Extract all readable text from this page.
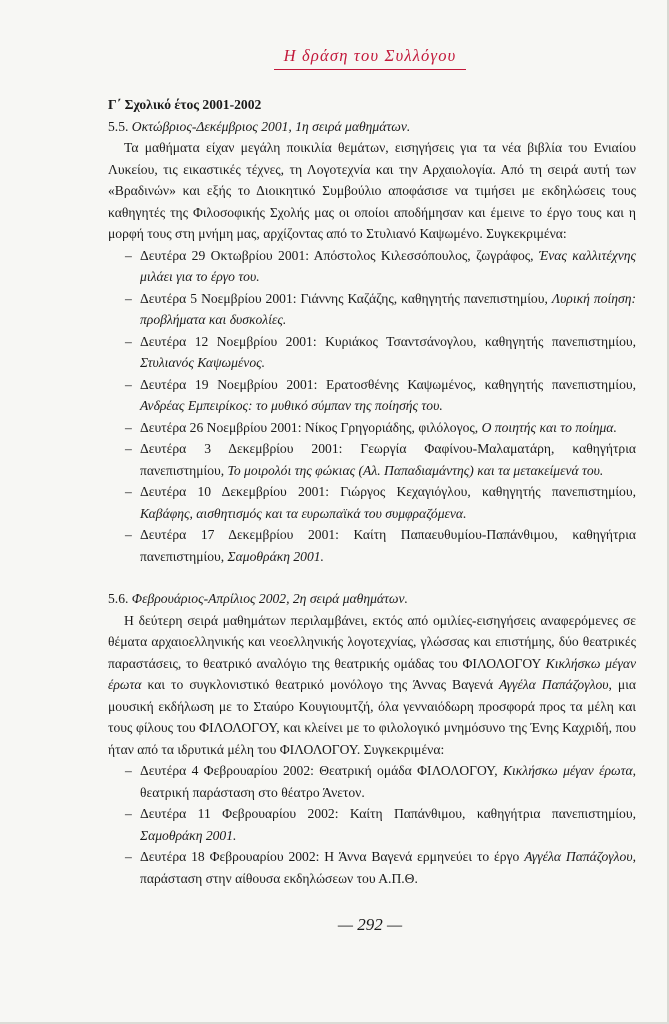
Η δράση του Συλλόγου

Γ΄ Σχολικό έτος 2001-2002

5.5. Οκτώβριος-Δεκέμβριος 2001, 1η σειρά μαθημάτων.

Τα μαθήματα είχαν μεγάλη ποικιλία θεμάτων, εισηγήσεις για τα νέα βιβλία του Ενιαίου Λυκείου, τις εικαστικές τέχνες, τη Λογοτεχνία και την Αρχαιολογία. Από τη σειρά αυτή των «Βραδινών» και εξής το Διοικητικό Συμβούλιο αποφάσισε να τιμήσει με εκδηλώσεις τους καθηγητές της Φιλοσοφικής Σχολής μας οι οποίοι αποδήμησαν και έμεινε το έργο τους και η μορφή τους στη μνήμη μας, αρχίζοντας από το Στυλιανό Καψωμένο. Συγκεκριμένα:

– Δευτέρα 29 Οκτωβρίου 2001: Απόστολος Κιλεσσόπουλος, ζωγράφος, Ένας καλλιτέχνης μιλάει για το έργο του.
– Δευτέρα 5 Νοεμβρίου 2001: Γιάννης Καζάζης, καθηγητής πανεπιστημίου, Λυρική ποίηση: προβλήματα και δυσκολίες.
– Δευτέρα 12 Νοεμβρίου 2001: Κυριάκος Τσαντσάνογλου, καθηγητής πανεπιστημίου, Στυλιανός Καψωμένος.
– Δευτέρα 19 Νοεμβρίου 2001: Ερατοσθένης Καψωμένος, καθηγητής πανεπιστημίου, Ανδρέας Εμπειρίκος: το μυθικό σύμπαν της ποίησής του.
– Δευτέρα 26 Νοεμβρίου 2001: Νίκος Γρηγοριάδης, φιλόλογος, Ο ποιητής και το ποίημα.
– Δευτέρα 3 Δεκεμβρίου 2001: Γεωργία Φαφίνου-Μαλαματάρη, καθηγήτρια πανεπιστημίου, Το μοιρολόι της φώκιας (Αλ. Παπαδιαμάντης) και τα μετακείμενά του.
– Δευτέρα 10 Δεκεμβρίου 2001: Γιώργος Κεχαγιόγλου, καθηγητής πανεπιστημίου, Καβάφης, αισθητισμός και τα ευρωπαϊκά του συμφραζόμενα.
– Δευτέρα 17 Δεκεμβρίου 2001: Καίτη Παπαευθυμίου-Παπάνθιμου, καθηγήτρια πανεπιστημίου, Σαμοθράκη 2001.

5.6. Φεβρουάριος-Απρίλιος 2002, 2η σειρά μαθημάτων.

Η δεύτερη σειρά μαθημάτων περιλαμβάνει, εκτός από ομιλίες-εισηγήσεις αναφερόμενες σε θέματα αρχαιοελληνικής και νεοελληνικής λογοτεχνίας, γλώσσας και επιστήμης, δύο θεατρικές παραστάσεις, το θεατρικό αναλόγιο της θεατρικής ομάδας του ΦΙΛΟΛΟΓΟΥ Κικλήσκω μέγαν έρωτα και το συγκλονιστικό θεατρικό μονόλογο της Άννας Βαγενά Αγγέλα Παπάζογλου, μια μουσική εκδήλωση με το Σταύρο Κουγιουμτζή, όλα γενναιόδωρη προσφορά προς τα μέλη και τους φίλους του ΦΙΛΟΛΟΓΟΥ, και κλείνει με το φιλολογικό μνημόσυνο της Ένης Καχριδή, που ήταν από τα ιδρυτικά μέλη του ΦΙΛΟΛΟΓΟΥ. Συγκεκριμένα:

– Δευτέρα 4 Φεβρουαρίου 2002: Θεατρική ομάδα ΦΙΛΟΛΟΓΟΥ, Κικλήσκω μέγαν έρωτα, θεατρική παράσταση στο θέατρο Άνετον.
– Δευτέρα 11 Φεβρουαρίου 2002: Καίτη Παπάνθιμου, καθηγήτρια πανεπιστημίου, Σαμοθράκη 2001.
– Δευτέρα 18 Φεβρουαρίου 2002: Η Άννα Βαγενά ερμηνεύει το έργο Αγγέλα Παπάζογλου, παράσταση στην αίθουσα εκδηλώσεων του Α.Π.Θ.
— 292 —
